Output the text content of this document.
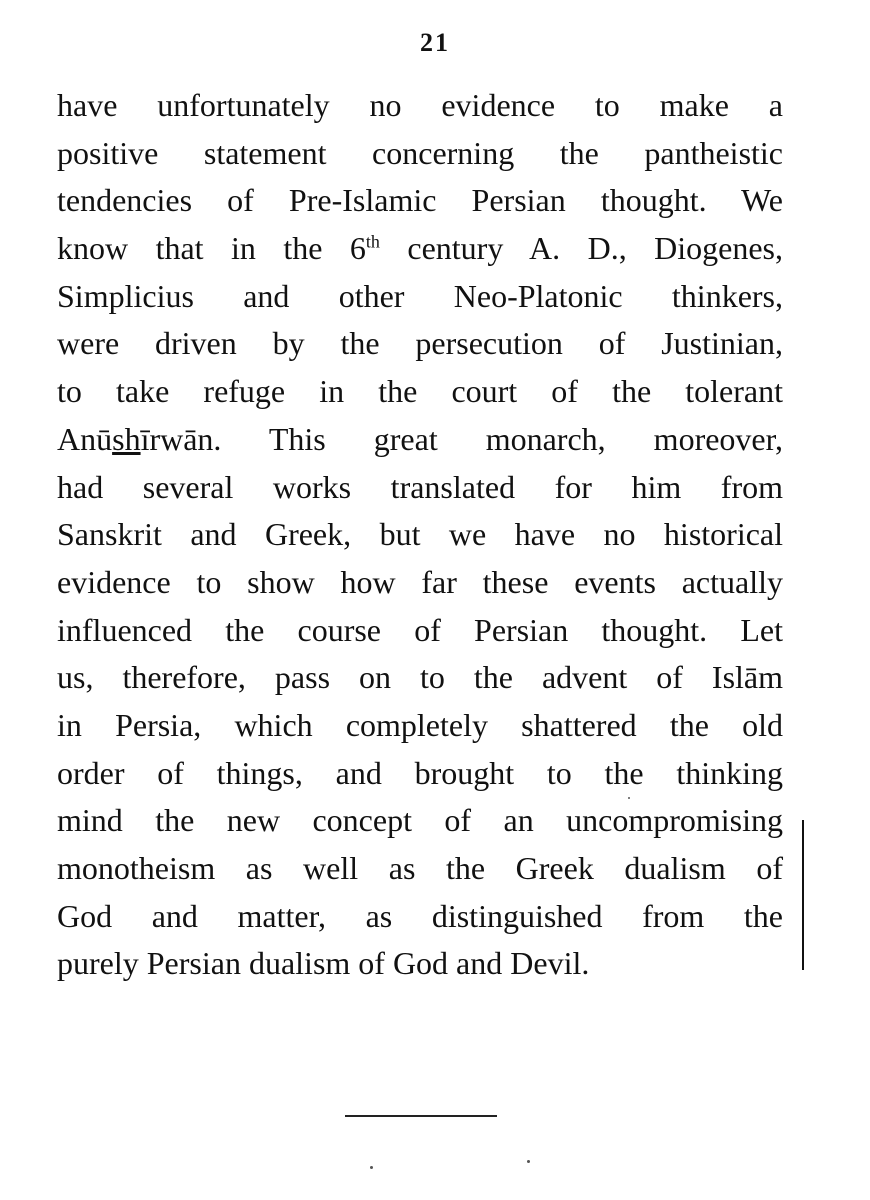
21
have unfortunately no evidence to make a
positive statement concerning the pantheistic
tendencies of Pre-Islamic Persian thought. We
know that in the 6th century A. D., Diogenes,
Simplicius and other Neo-Platonic thinkers,
were driven by the persecution of Justinian,
to take refuge in the court of the tolerant
Anūshīrwān. This great monarch, moreover,
had several works translated for him from
Sanskrit and Greek, but we have no historical
evidence to show how far these events actually
influenced the course of Persian thought. Let
us, therefore, pass on to the advent of Islām
in Persia, which completely shattered the old
order of things, and brought to the thinking
mind the new concept of an uncompromising
monotheism as well as the Greek dualism of
God and matter, as distinguished from the
purely Persian dualism of God and Devil.
